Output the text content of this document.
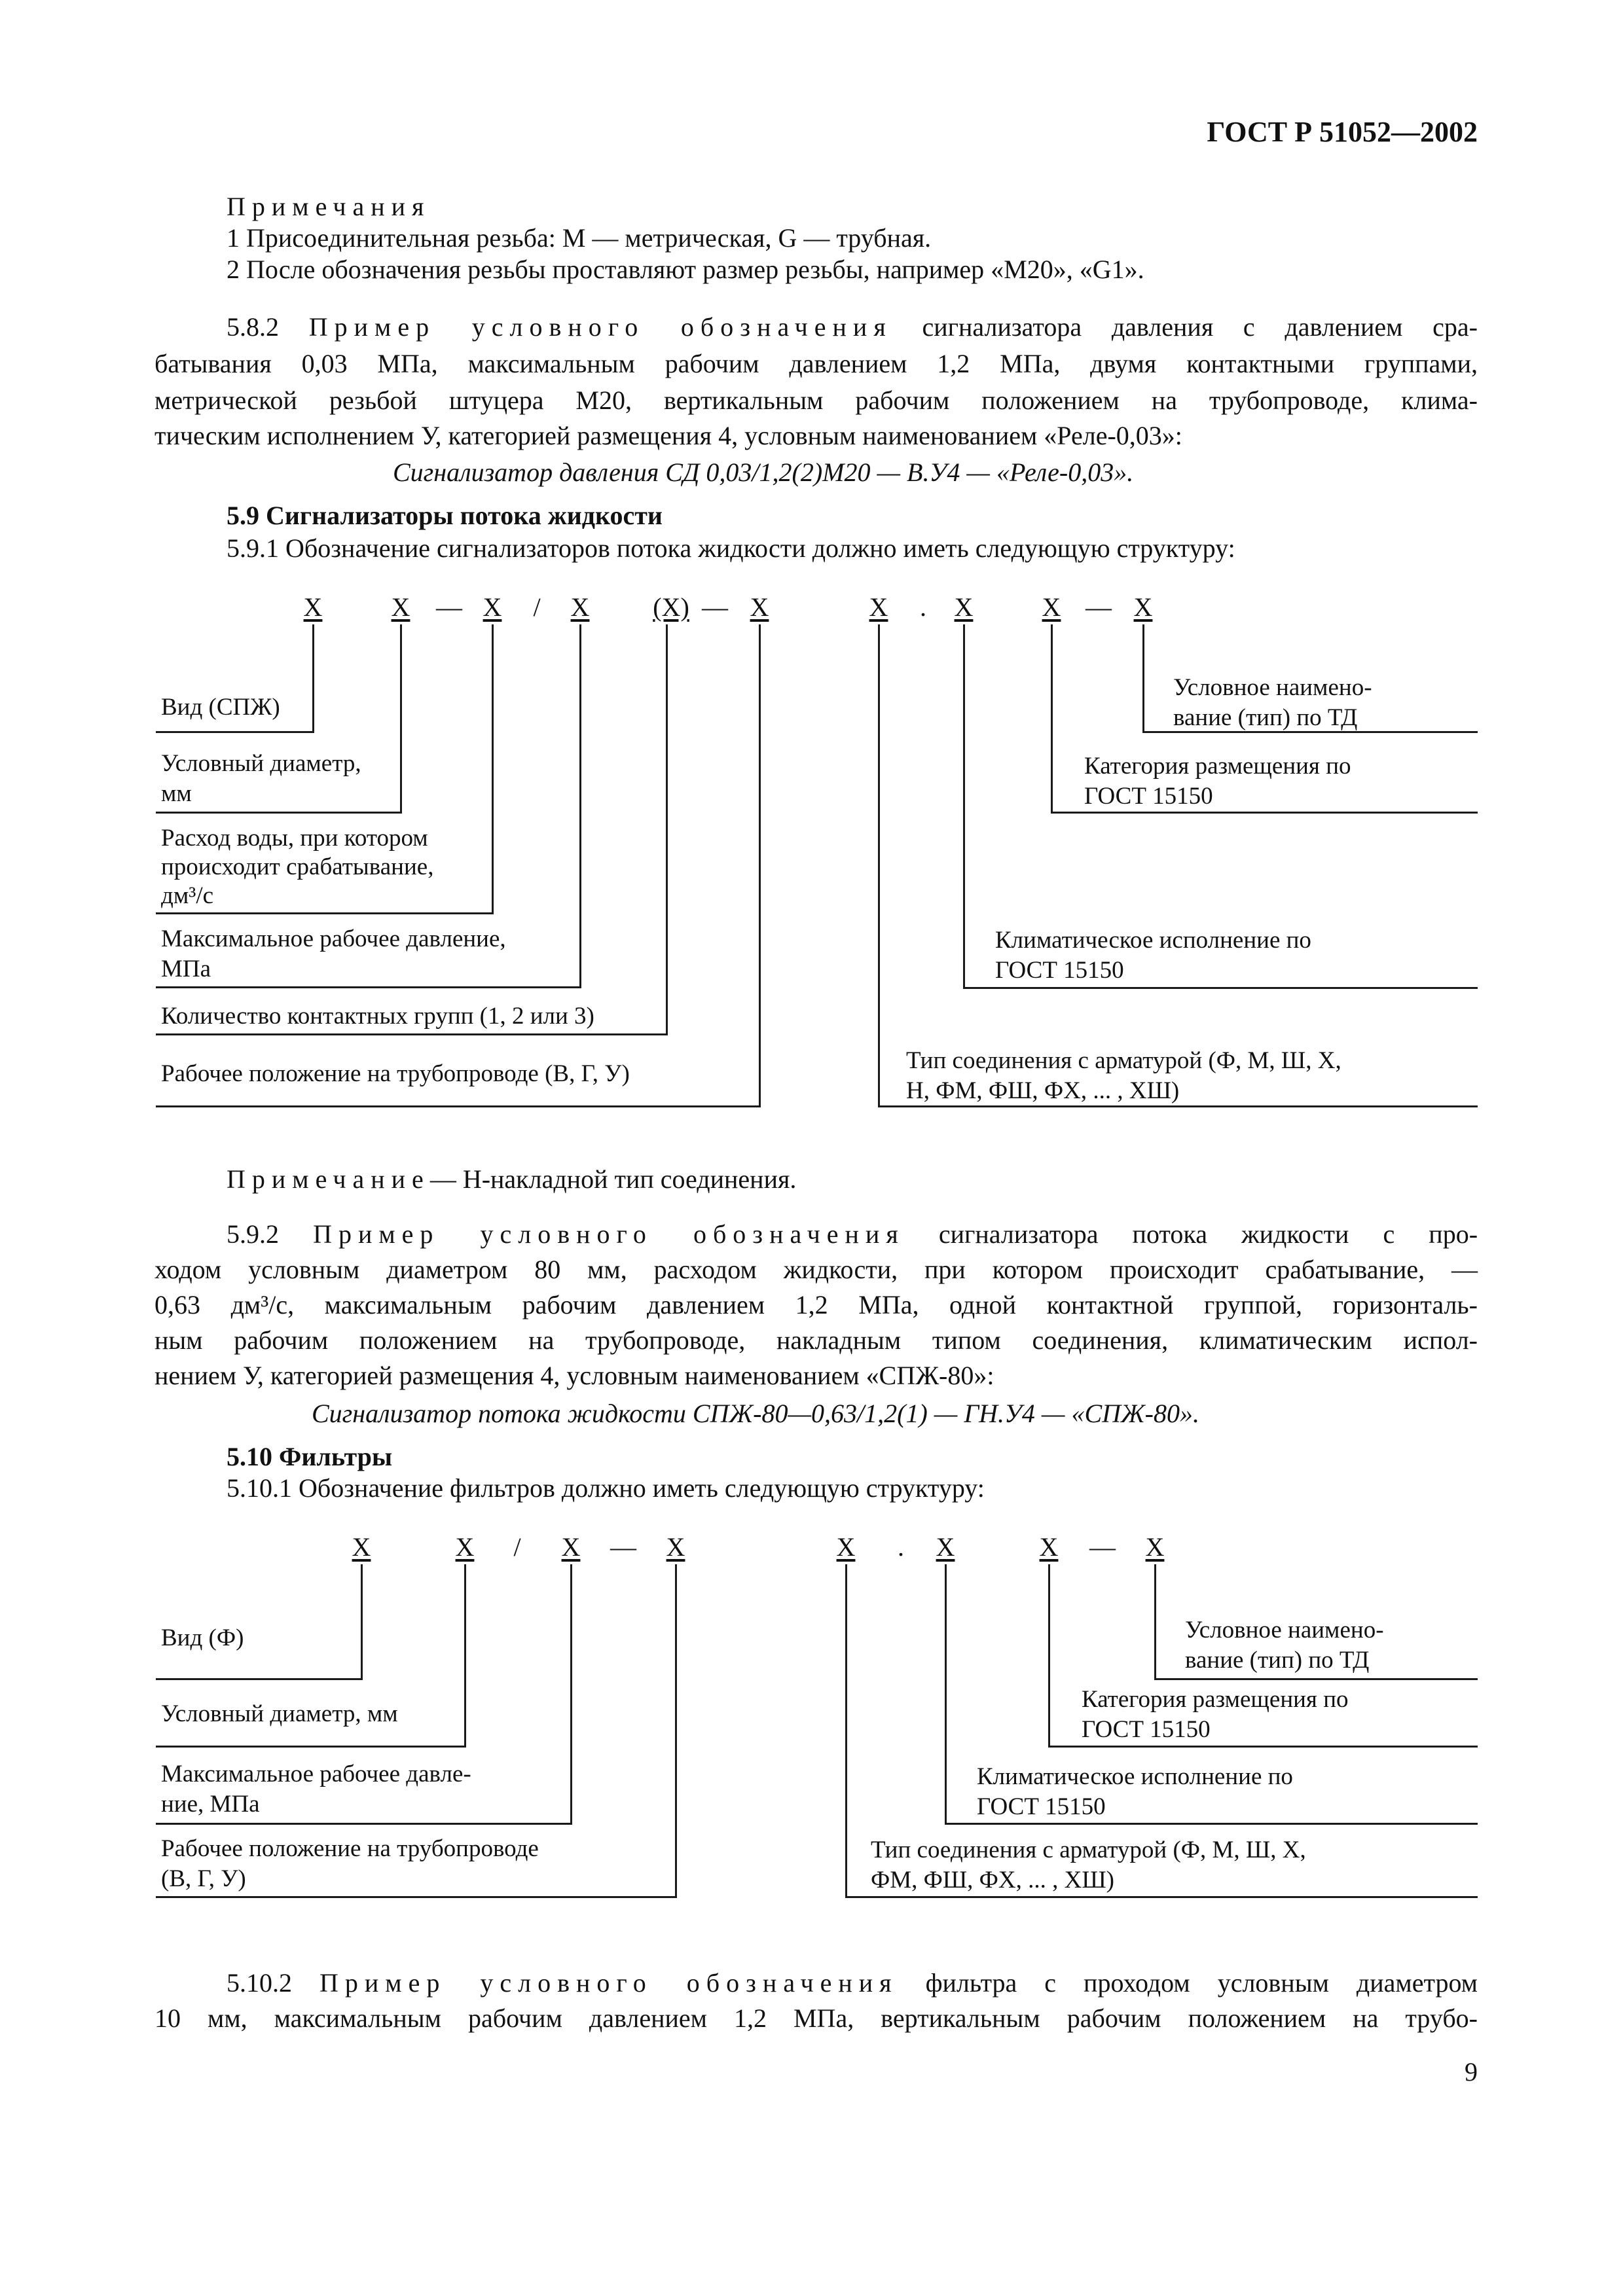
ГОСТ Р 51052—2002
Примечания
1 Присоединительная резьба: М — метрическая, G — трубная.
2 После обозначения резьбы проставляют размер резьбы, например «М20», «G1».
5.8.2 Пример условного обозначения сигнализатора давления с давлением сра-
батывания 0,03 МПа, максимальным рабочим давлением 1,2 МПа, двумя контактными группами,
метрической резьбой штуцера М20, вертикальным рабочим положением на трубопроводе, клима-
тическим исполнением У, категорией размещения 4, условным наименованием «Реле-0,03»:
Сигнализатор давления СД 0,03/1,2(2)М20 — В.У4 — «Реле-0,03».
5.9 Сигнализаторы потока жидкости
5.9.1 Обозначение сигнализаторов потока жидкости должно иметь следующую структуру:
Х	Х — Х	/	Х (Х) — Х	Х	.	Х	Х — Х
Вид (СПЖ)
Условный диаметр,
мм
Расход воды, при котором
происходит срабатывание,
дм³/с
Максимальное рабочее давление,
МПа
Количество контактных групп (1, 2 или 3)
Рабочее положение на трубопроводе (В, Г, У)
Условное наимено-
вание (тип) по ТД
Категория размещения по
ГОСТ 15150
Климатическое исполнение по
ГОСТ 15150
Тип соединения с арматурой (Ф, М, Ш, Х,
Н, ФМ, ФШ, ФХ, ... , ХШ)
Примечание— Н-накладной тип соединения.
5.9.2 Пример условного обозначения сигнализатора потока жидкости с про-
ходом условным диаметром 80 мм, расходом жидкости, при котором происходит срабатывание, —
0,63 дм³/с, максимальным рабочим давлением 1,2 МПа, одной контактной группой, горизонталь-
ным рабочим положением на трубопроводе, накладным типом соединения, климатическим испол-
нением У, категорией размещения 4, условным наименованием «СПЖ-80»:
Сигнализатор потока жидкости СПЖ-80—0,63/1,2(1) — ГН.У4 — «СПЖ-80».
5.10 Фильтры
5.10.1 Обозначение фильтров должно иметь следующую структуру:
Х	Х	/	Х — Х	Х	.	Х	Х — Х
Вид (Ф)
Условный диаметр, мм
Максимальное рабочее давле-
ние, МПа
Рабочее положение на трубопроводе
(В, Г, У)
Условное наимено-
вание (тип) по ТД
Категория размещения по
ГОСТ 15150
Климатическое исполнение по
ГОСТ 15150
Тип соединения с арматурой (Ф, М, Ш, Х,
ФМ, ФШ, ФХ, ... , ХШ)
5.10.2 Пример условного обозначения фильтра с проходом условным диаметром
10 мм, максимальным рабочим давлением 1,2 МПа, вертикальным рабочим положением на трубо-
9
